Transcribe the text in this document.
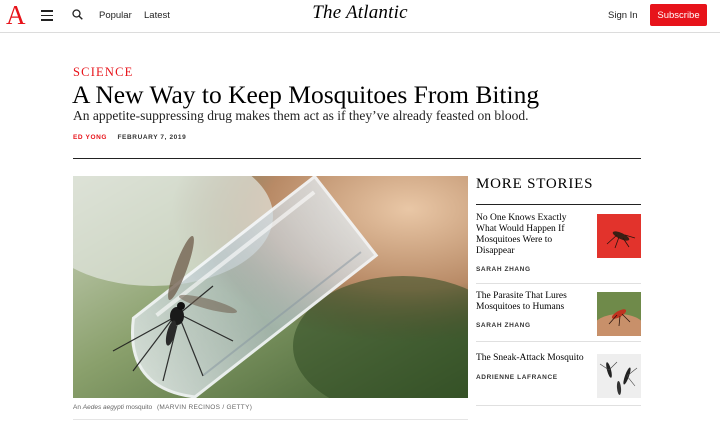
A	Popular Latest	The Atlantic	Sign In	Subscribe
SCIENCE
A New Way to Keep Mosquitoes From Biting
An appetite-suppressing drug makes them act as if they’ve already feasted on blood.
ED YONG FEBRUARY 7, 2019
An Aedes aegypti mosquito (MARVIN RECINOS / GETTY)
MORE STORIES
No One Knows Exactly What Would Happen If Mosquitoes Were to Disappear
SARAH ZHANG
The Parasite That Lures Mosquitoes to Humans
SARAH ZHANG
The Sneak-Attack Mosquito
ADRIENNE LAFRANCE
